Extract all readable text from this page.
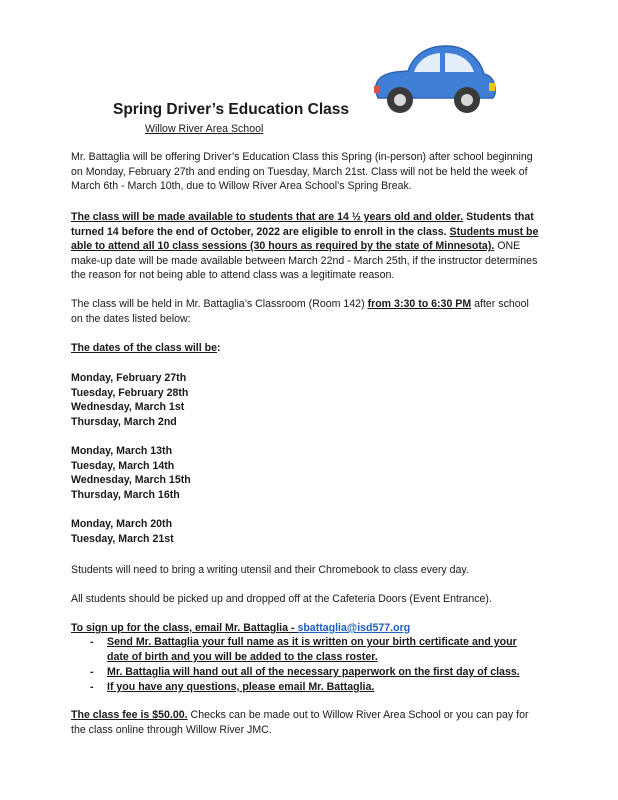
Spring Driver’s Education Class
Willow River Area School
Mr. Battaglia will be offering Driver’s Education Class this Spring (in-person) after school beginning on Monday, February 27th and ending on Tuesday, March 21st. Class will not be held the week of March 6th - March 10th, due to Willow River Area School’s Spring Break.
The class will be made available to students that are 14 ½ years old and older. Students that turned 14 before the end of October, 2022 are eligible to enroll in the class. Students must be able to attend all 10 class sessions (30 hours as required by the state of Minnesota). ONE make-up date will be made available between March 22nd - March 25th, if the instructor determines the reason for not being able to attend class was a legitimate reason.
The class will be held in Mr. Battaglia’s Classroom (Room 142) from 3:30 to 6:30 PM after school on the dates listed below:
The dates of the class will be:
Monday, February 27th
Tuesday, February 28th
Wednesday, March 1st
Thursday, March 2nd
Monday, March 13th
Tuesday, March 14th
Wednesday, March 15th
Thursday, March 16th
Monday, March 20th
Tuesday, March 21st
Students will need to bring a writing utensil and their Chromebook to class every day.
All students should be picked up and dropped off at the Cafeteria Doors (Event Entrance).
To sign up for the class, email Mr. Battaglia - sbattaglia@isd577.org
- Send Mr. Battaglia your full name as it is written on your birth certificate and your date of birth and you will be added to the class roster.
- Mr. Battaglia will hand out all of the necessary paperwork on the first day of class.
- If you have any questions, please email Mr. Battaglia.
The class fee is $50.00. Checks can be made out to Willow River Area School or you can pay for the class online through Willow River JMC.
